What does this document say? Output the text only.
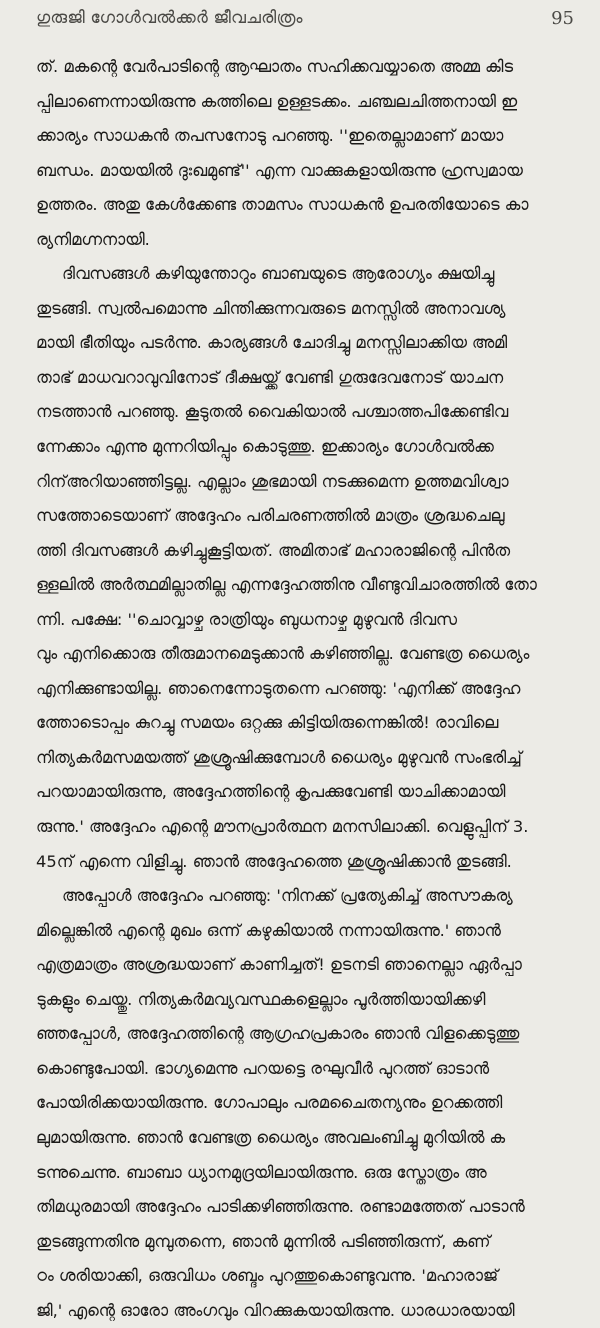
ഗുരുജി ഗോൾവൽക്കർ ജീവചരിത്രം	95
ത്. മകന്റെ വേർപാടിന്റെ ആഘാതം സഹിക്കവയ്യാതെ അമ്മ കിട
പ്പിലാണെന്നായിരുന്നു കത്തിലെ ഉള്ളടക്കം. ചഞ്ചലചിത്തനായി ഇ
ക്കാര്യം സാധകൻ തപസനോടു പറഞ്ഞു. ''ഇതെല്ലാമാണ് മായാ
ബന്ധം. മായയിൽ ദുഃഖമുണ്ട്'' എന്ന വാക്കുകളായിരുന്നു ഹ്രസ്വമായ
ഉത്തരം. അതു കേൾക്കേണ്ട താമസം സാധകൻ ഉപരതിയോടെ കാ
ര്യനിമഗ്നനായി.
ദിവസങ്ങൾ കഴിയുന്തോറും ബാബയുടെ ആരോഗ്യം ക്ഷയിച്ചു
തുടങ്ങി. സ്വൽപമൊന്നു ചിന്തിക്കുന്നവരുടെ മനസ്സിൽ അനാവശ്യ
മായി ഭീതിയും പടർന്നു. കാര്യങ്ങൾ ചോദിച്ചു മനസ്സിലാക്കിയ അമി
താഭ് മാധവറാവുവിനോട് ദീക്ഷയ്ക്ക് വേണ്ടി ഗുരുദേവനോട് യാചന
നടത്താൻ പറഞ്ഞു. കൂടുതൽ വൈകിയാൽ പശ്ചാത്തപിക്കേണ്ടിവ
ന്നേക്കാം എന്നു മുന്നറിയിപ്പും കൊടുത്തു. ഇക്കാര്യം ഗോൾവൽക്ക
റിന്അറിയാഞ്ഞിട്ടല്ല. എല്ലാം ശുഭമായി നടക്കുമെന്ന ഉത്തമവിശ്വാ
സത്തോടെയാണ് അദ്ദേഹം പരിചരണത്തിൽ മാത്രം ശ്രദ്ധചെലു
ത്തി ദിവസങ്ങൾ കഴിച്ചുകൂട്ടിയത്. അമിതാഭ് മഹാരാജിന്റെ പിൻത
ള്ളലിൽ അർത്ഥമില്ലാതില്ല എന്നദ്ദേഹത്തിനു വീണ്ടുവിചാരത്തിൽ തോ
ന്നി. പക്ഷേ: ''ചൊവ്വാഴ്ച രാത്രിയും ബുധനാഴ്ച മുഴുവൻ ദിവസ
വും എനിക്കൊരു തീരുമാനമെടുക്കാൻ കഴിഞ്ഞില്ല. വേണ്ടത്ര ധൈര്യം
എനിക്കുണ്ടായില്ല. ഞാനെന്നോടുതന്നെ പറഞ്ഞു: 'എനിക്ക് അദ്ദേഹ
ത്തോടൊപ്പം കുറച്ചു സമയം ഒറ്റക്കു കിട്ടിയിരുന്നെങ്കിൽ! രാവിലെ
നിത്യകർമസമയത്ത് ശുശ്രൂഷിക്കുമ്പോൾ ധൈര്യം മുഴുവൻ സംഭരിച്ച്
പറയാമായിരുന്നു, അദ്ദേഹത്തിന്റെ കൃപക്കുവേണ്ടി യാചിക്കാമായി
രുന്നു.' അദ്ദേഹം എന്റെ മൗനപ്രാർത്ഥന മനസിലാക്കി. വെളുപ്പിന് 3.
45ന് എന്നെ വിളിച്ചു. ഞാൻ അദ്ദേഹത്തെ ശുശ്രൂഷിക്കാൻ തുടങ്ങി.
അപ്പോൾ അദ്ദേഹം പറഞ്ഞു: 'നിനക്ക് പ്രത്യേകിച്ച് അസൗകര്യ
മില്ലെങ്കിൽ എന്റെ മുഖം ഒന്ന് കഴുകിയാൽ നന്നായിരുന്നു.' ഞാൻ
എത്രമാത്രം അശ്രദ്ധയാണ് കാണിച്ചത്! ഉടനടി ഞാനെല്ലാ ഏർപ്പാ
ടുകളും ചെയ്തു. നിത്യകർമവ്യവസ്ഥകളെല്ലാം പൂർത്തിയായിക്കഴി
ഞ്ഞപ്പോൾ, അദ്ദേഹത്തിന്റെ ആഗ്രഹപ്രകാരം ഞാൻ വിളക്കെടുത്തു
കൊണ്ടുപോയി. ഭാഗ്യമെന്നു പറയട്ടെ രഘുവീർ പുറത്ത് ഓടാൻ
പോയിരിക്കയായിരുന്നു. ഗോപാലും പരമചൈതന്യനും ഉറക്കത്തി
ലുമായിരുന്നു. ഞാൻ വേണ്ടത്ര ധൈര്യം അവലംബിച്ചു മുറിയിൽ ക
ടന്നുചെന്നു. ബാബാ ധ്യാനമുദ്രയിലായിരുന്നു. ഒരു സ്തോത്രം അ
തിമധുരമായി അദ്ദേഹം പാടിക്കഴിഞ്ഞിരുന്നു. രണ്ടാമത്തേത് പാടാൻ
തുടങ്ങുന്നതിനു മുമ്പുതന്നെ, ഞാൻ മുന്നിൽ പടിഞ്ഞിരുന്ന്, കണ്
ഠം ശരിയാക്കി, ഒരുവിധം ശബ്ദം പുറത്തുകൊണ്ടുവന്നു. 'മഹാരാജ്
ജി,' എന്റെ ഓരോ അംഗവും വിറക്കുകയായിരുന്നു. ധാരധാരയായി
